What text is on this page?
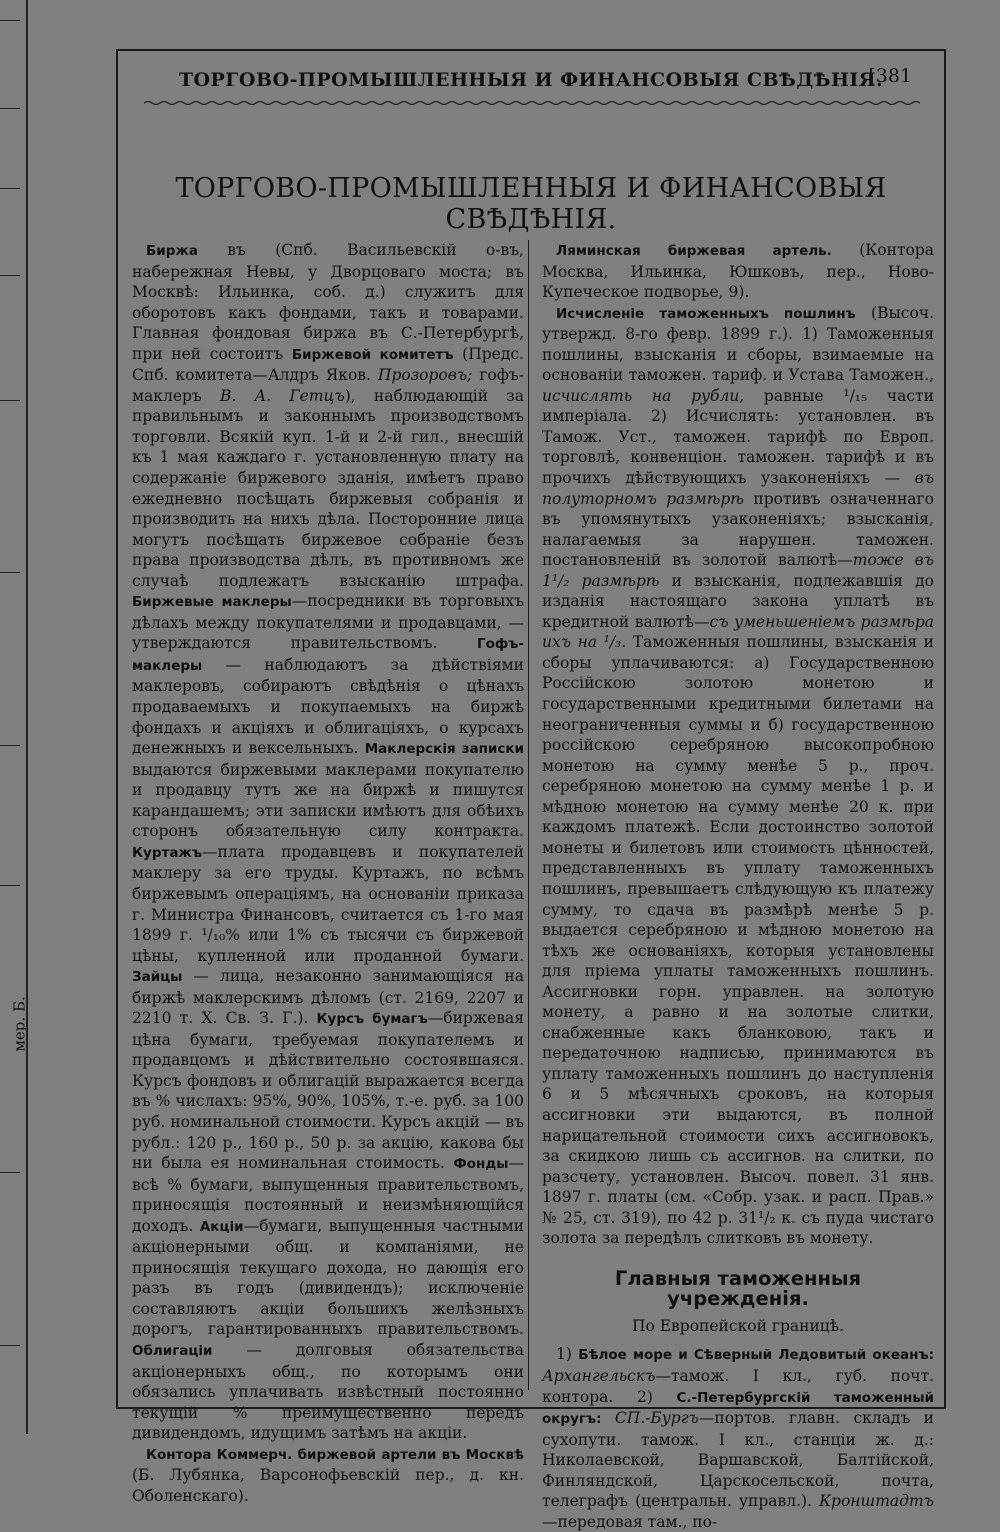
мер. Б.
ТОРГОВО-ПРОМЫШЛЕННЫЯ И ФИНАНСОВЫЯ СВѢДѢНIЯ.
[381
ТОРГОВО-ПРОМЫШЛЕННЫЯ И ФИНАНСОВЫЯ СВѢДѢНIЯ.

Биржа въ (Спб. Васильевскiй о-въ, набережная Невы, у Дворцоваго моста; въ Москвѣ: Ильинка, соб. д.) служитъ для оборотовъ какъ фондами, такъ и товарами. Главная фондовая биржа въ С.-Петербургѣ, при ней состоитъ Биржевой комитетъ (Предс. Спб. комитета—Алдръ Яков. Прозоровъ; гофъ-маклеръ В. А. Гетцъ), наблюдающiй за правильнымъ и законнымъ производствомъ торговли. Всякiй куп. 1-й и 2-й гил., внесшiй къ 1 мая каждаго г. установленную плату на содержанiе биржевого зданiя, имѣетъ право ежедневно посѣщать биржевыя собранiя и производить на нихъ дѣла. Посторонние лица могутъ посѣщать биржевое собранiе безъ права производства дѣлъ, въ противномъ же случаѣ подлежатъ взысканiю штрафа. Биржевые маклеры—посредники въ торговыхъ дѣлахъ между покупателями и продавцами, — утверждаются правительствомъ. Гофъ-маклеры — наблюдаютъ за дѣйствiями маклеровъ, собираютъ свѣдѣнiя о цѣнахъ продаваемыхъ и покупаемыхъ на биржѣ фондахъ и акцiяхъ и облигацiяхъ, о курсахъ денежныхъ и вексельныхъ. Маклерскiя записки выдаются биржевыми маклерами покупателю и продавцу тутъ же на биржѣ и пишутся карандашемъ; эти записки имѣютъ для обѣихъ сторонъ обязательную силу контракта. Куртажъ—плата продавцевъ и покупателей маклеру за его труды. Куртажъ, по всѣмъ биржевымъ операцiямъ, на основанiи приказа г. Министра Финансовъ, считается съ 1-го мая 1899 г. ¹/₁₀% или 1% съ тысячи съ биржевой цѣны, купленной или проданной бумаги. Зайцы — лица, незаконно занимающiяся на биржѣ маклерскимъ дѣломъ (ст. 2169, 2207 и 2210 т. X. Св. З. Г.). Курсъ бумагъ—биржевая цѣна бумаги, требуемая покупателемъ и продавцомъ и дѣйствительно состоявшаяся. Курсъ фондовъ и облигацiй выражается всегда въ % числахъ: 95%, 90%, 105%, т.-е. руб. за 100 руб. номинальной стоимости. Курсъ акцiй — въ рубл.: 120 р., 160 р., 50 р. за акцiю, какова бы ни была ея номинальная стоимость. Фонды—всѣ % бумаги, выпущенныя правительствомъ, приносящiя постоянный и неизмѣняющiйся доходъ. Акцiи—бумаги, выпущенныя частными акцiонерными общ. и компанiями, не приносящiя текущаго дохода, но дающiя его разъ въ годъ (дивидендъ); исключенiе составляютъ акцiи большихъ желѣзныхъ дорогъ, гарантированныхъ правительствомъ. Облигацiи — долговыя обязательства акцiонерныхъ общ., по которымъ они обязались уплачивать извѣстный постоянно текущiй % преимущественно передъ дивидендомъ, идущимъ затѣмъ на акцiи.

Контора Коммерч. биржевой артели въ Москвѣ (Б. Лубянка, Варсонофьевскiй пер., д. кн. Оболенскаго).

Ляминская биржевая артель. (Контора Москва, Ильинка, Юшковъ, пер., Ново-Купеческое подворье, 9).

Исчисленiе таможенныхъ пошлинъ (Высоч. утвержд. 8-го февр. 1899 г.). 1) Таможенныя пошлины, взысканiя и сборы, взимаемые на основанiи таможен. тариф. и Устава Таможен., исчислять на рубли, равные ¹/₁₅ части имперiала. 2) Исчислять: установлен. въ Тамож. Уст., таможен. тарифѣ по Европ. торговлѣ, конвенцiон. таможен. тарифѣ и въ прочихъ дѣйствующихъ узаконенiяхъ — въ полуторномъ размѣрѣ противъ означеннаго въ упомянутыхъ узаконенiяхъ; взысканiя, налагаемыя за нарушен. таможен. постановленiй въ золотой валютѣ—тоже въ 1¹/₂ размѣрѣ и взысканiя, подлежавшiя до изданiя настоящаго закона уплатѣ въ кредитной валютѣ—съ уменьшенiемъ размѣра ихъ на ¹/₃. Таможенныя пошлины, взысканiя и сборы уплачиваются: а) Государственною Россiйскою золотою монетою и государственными кредитными билетами на неограниченныя суммы и б) государственною россiйскою серебряною высокопробною монетою на сумму менѣе 5 р., проч. серебряною монетою на сумму менѣе 1 р. и мѣдною монетою на сумму менѣе 20 к. при каждомъ платежѣ. Если достоинство золотой монеты и билетовъ или стоимость цѣнностей, представленныхъ въ уплату таможенныхъ пошлинъ, превышаетъ слѣдующую къ платежу сумму, то сдача въ размѣрѣ менѣе 5 р. выдается серебряною и мѣдною монетою на тѣхъ же основанiяхъ, которыя установлены для прiема уплаты таможенныхъ пошлинъ. Ассигновки горн. управлен. на золотую монету, а равно и на золотые слитки, снабженные какъ бланковою, такъ и передаточною надписью, принимаются въ уплату таможенныхъ пошлинъ до наступленiя 6 и 5 мѣсячныхъ сроковъ, на которыя ассигновки эти выдаются, въ полной нарицательной стоимости сихъ ассигновокъ, за скидкою лишь съ ассигнов. на слитки, по разсчету, установлен. Высоч. повел. 31 янв. 1897 г. платы (см. «Собр. узак. и расп. Прав.» № 25, ст. 319), по 42 р. 31¹/₂ к. съ пуда чистаго золота за передѣлъ слитковъ въ монету.

Главныя таможенныя учрежденiя.
По Европейской границѣ.

1) Бѣлое море и Сѣверный Ледовитый океанъ: Архангельскъ—тамож. I кл., губ. почт. контора. 2) С.-Петербургскiй таможенный округъ: СП.-Бургъ—портов. главн. складъ и сухопути. тамож. I кл., станцiи ж. д.: Николаевской, Варшавской, Балтiйской, Финляндской, Царскосельской, почта, телеграфъ (центральн. управл.). Кронштадтъ—передовая там., по-
